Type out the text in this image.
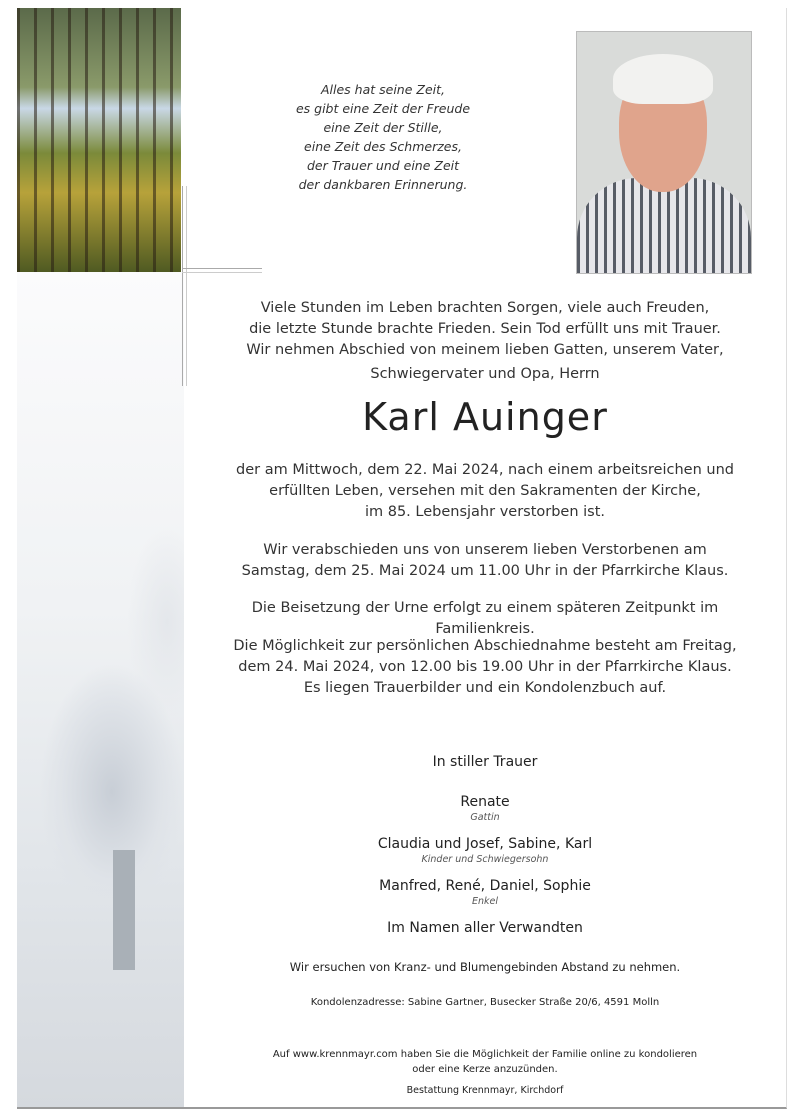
Alles hat seine Zeit,

es gibt eine Zeit der Freude

eine Zeit der Stille,

eine Zeit des Schmerzes,

der Trauer und eine Zeit

der dankbaren Erinnerung.

Viele Stunden im Leben brachten Sorgen, viele auch Freuden,

die letzte Stunde brachte Frieden. Sein Tod erfüllt uns mit Trauer.

Wir nehmen Abschied von meinem lieben Gatten, unserem Vater,

Schwiegervater und Opa, Herrn

Karl Auinger

der am Mittwoch, dem 22. Mai 2024, nach einem arbeitsreichen und

erfüllten Leben, versehen mit den Sakramenten der Kirche,

im 85. Lebensjahr verstorben ist.

Wir verabschieden uns von unserem lieben Verstorbenen am

Samstag, dem 25. Mai 2024 um 11.00 Uhr in der Pfarrkirche Klaus.

Die Beisetzung der Urne erfolgt zu einem späteren Zeitpunkt im Familienkreis.

Die Möglichkeit zur persönlichen Abschiednahme besteht am Freitag,

dem 24. Mai 2024, von 12.00 bis 19.00 Uhr in der Pfarrkirche Klaus.

Es liegen Trauerbilder und ein Kondolenzbuch auf.

In stiller Trauer

Renate

Gattin

Claudia und Josef, Sabine, Karl

Kinder und Schwiegersohn

Manfred, René, Daniel, Sophie

Enkel

Im Namen aller Verwandten
Wir ersuchen von Kranz- und Blumengebinden Abstand zu nehmen.
Kondolenzadresse: Sabine Gartner, Busecker Straße 20/6, 4591 Molln

Auf www.krennmayr.com haben Sie die Möglichkeit der Familie online zu kondolieren

oder eine Kerze anzuzünden.

Bestattung Krennmayr, Kirchdorf
